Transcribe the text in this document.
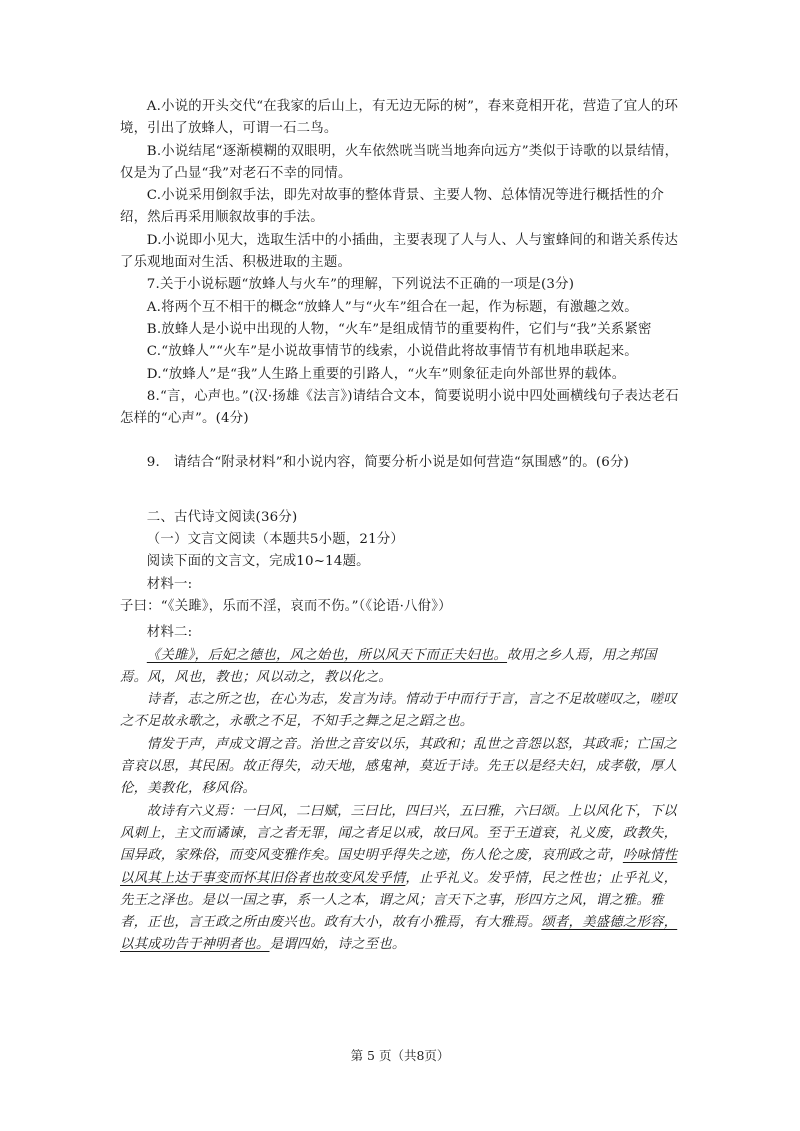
A.小说的开头交代“在我家的后山上，有无边无际的树”，春来竟相开花，营造了宜人的环境，引出了放蜂人，可谓一石二鸟。

B.小说结尾“逐渐模糊的双眼明，火车依然咣当咣当地奔向远方”类似于诗歌的以景结情，仅是为了凸显“我”对老石不幸的同情。

C.小说采用倒叙手法，即先对故事的整体背景、主要人物、总体情况等进行概括性的介绍，然后再采用顺叙故事的手法。

D.小说即小见大，选取生活中的小插曲，主要表现了人与人、人与蜜蜂间的和谐关系传达了乐观地面对生活、积极进取的主题。

7.关于小说标题“放蜂人与火车”的理解，下列说法不正确的一项是(3分)

A.将两个互不相干的概念“放蜂人”与“火车”组合在一起，作为标题，有激趣之效。

B.放蜂人是小说中出现的人物，“火车”是组成情节的重要构件，它们与“我”关系紧密

C.“放蜂人”“火车”是小说故事情节的线索，小说借此将故事情节有机地串联起来。

D.“放蜂人”是“我”人生路上重要的引路人，“火车”则象征走向外部世界的载体。

8.“言，心声也。”(汉·扬雄《法言》)请结合文本，简要说明小说中四处画横线句子表达老石怎样的“心声”。(4分)

9.　请结合“附录材料”和小说内容，简要分析小说是如何营造“氛围感”的。(6分)

二、古代诗文阅读(36分)

（一）文言文阅读（本题共5小题，21分）

阅读下面的文言文，完成10~14题。

材料一:

子曰：“《关雎》，乐而不淫，哀而不伤。”（《论语·八佾》）

材料二:

《关雎》，后妃之德也，风之始也，所以风天下而正夫妇也。故用之乡人焉，用之邦国焉。风，风也，教也；风以动之，教以化之。

诗者，志之所之也，在心为志，发言为诗。情动于中而行于言，言之不足故嗟叹之，嗟叹之不足故永歌之，永歌之不足，不知手之舞之足之蹈之也。

情发于声，声成文谓之音。治世之音安以乐，其政和；乱世之音怨以怒，其政乖；亡国之音哀以思，其民困。故正得失，动天地，感鬼神，莫近于诗。先王以是经夫妇，成孝敬，厚人伦，美教化，移风俗。

故诗有六义焉：一曰风，二曰赋，三曰比，四曰兴，五曰雅，六曰颂。上以风化下，下以风刺上，主文而谲谏，言之者无罪，闻之者足以戒，故曰风。至于王道衰，礼义废，政教失，国异政，家殊俗，而变风变雅作矣。国史明乎得失之迹，伤人伦之废，哀刑政之苛，吟咏情性以风其上达于事变而怀其旧俗者也故变风发乎情，止乎礼义。发乎情，民之性也；止乎礼义，先王之泽也。是以一国之事，系一人之本，谓之风；言天下之事，形四方之风，谓之雅。雅者，正也，言王政之所由废兴也。政有大小，故有小雅焉，有大雅焉。颂者，美盛德之形容，以其成功告于神明者也。是谓四始，诗之至也。

第 5 页（共8页）
